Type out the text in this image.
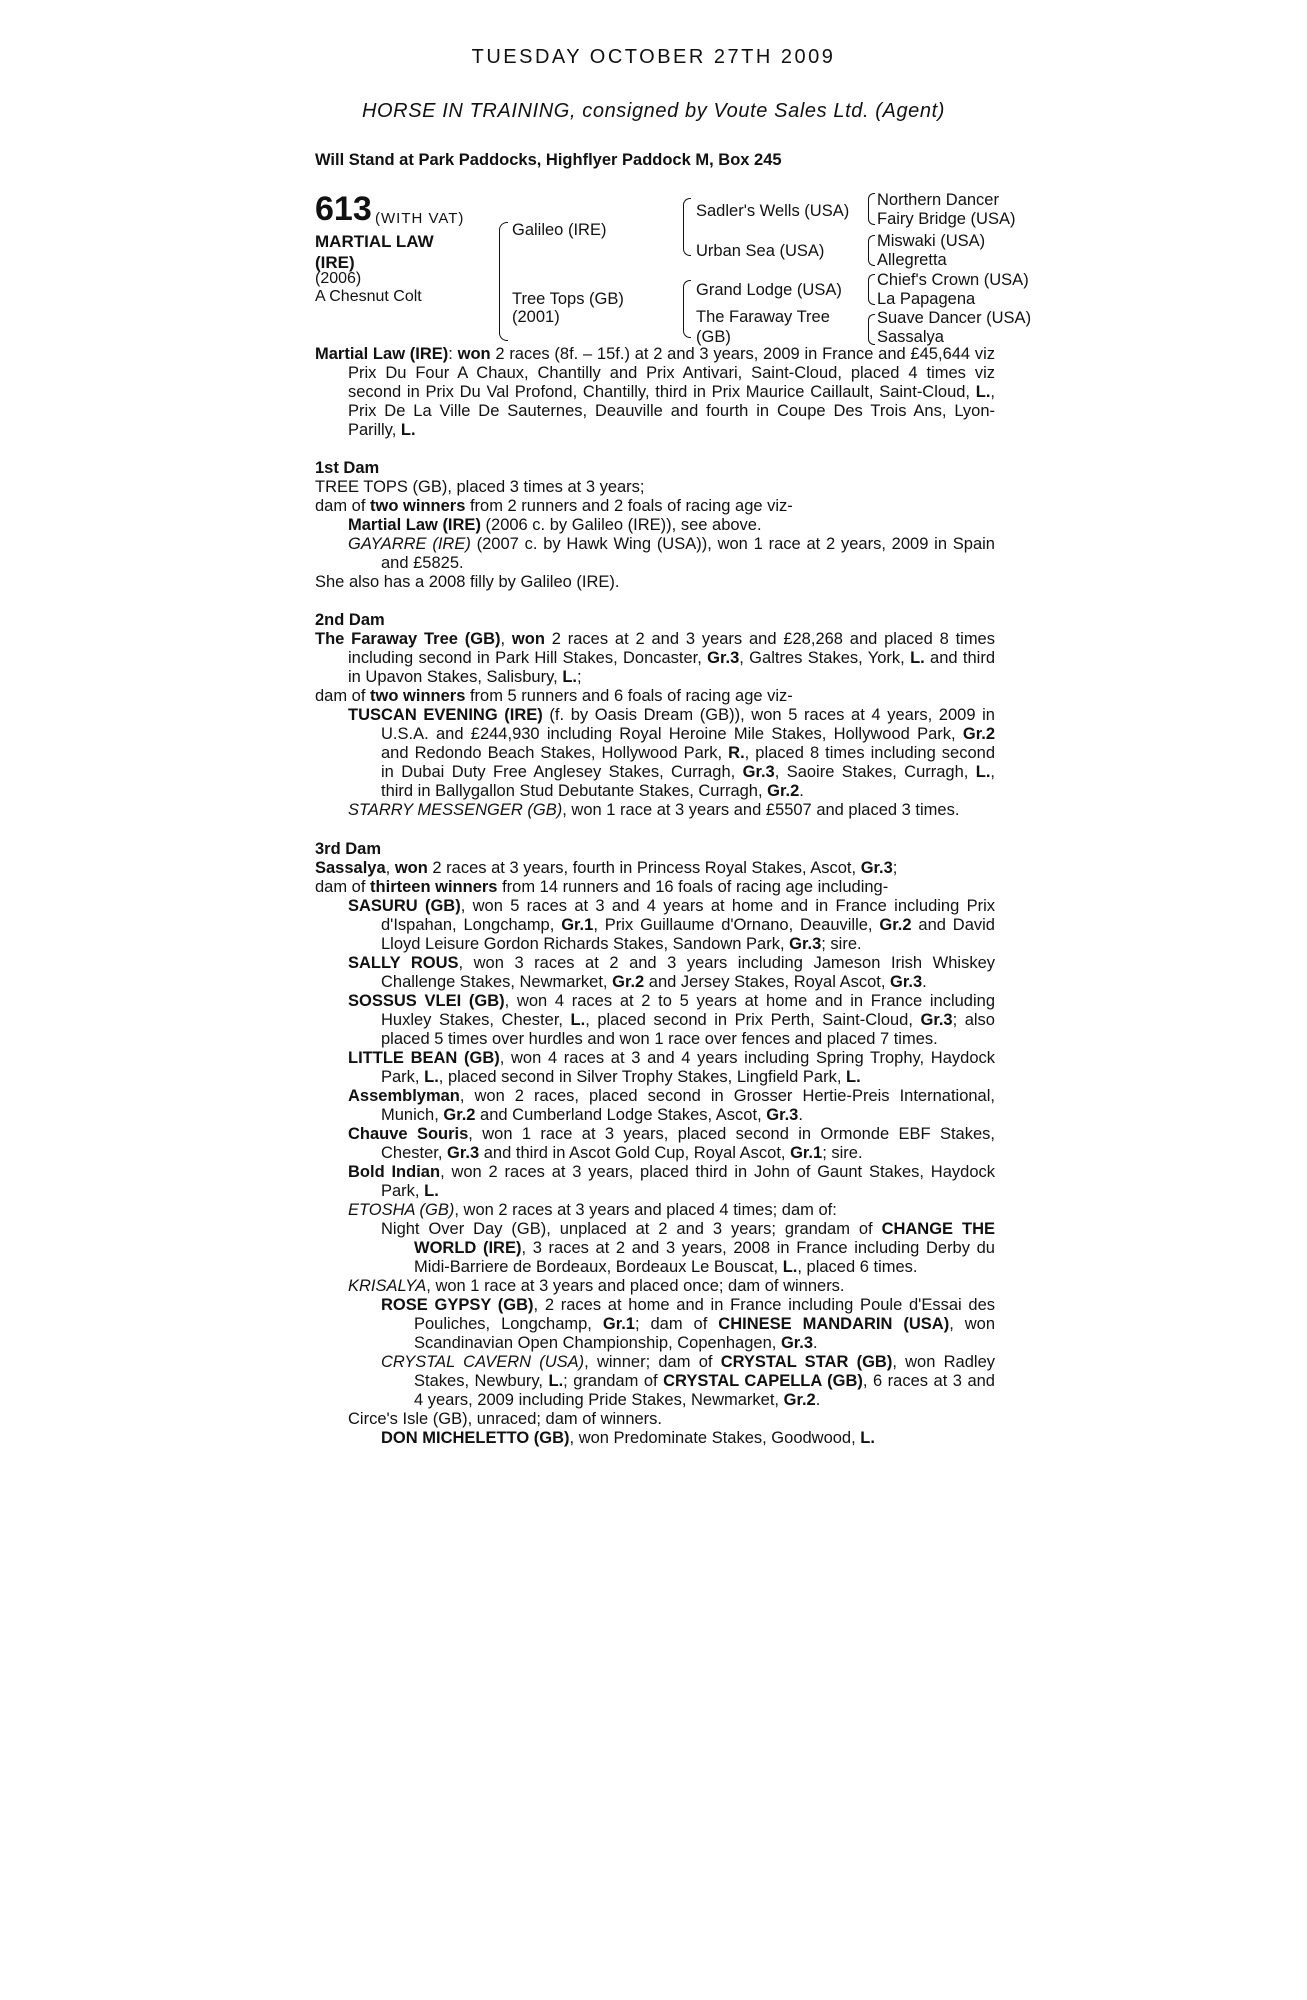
TUESDAY OCTOBER 27TH 2009
HORSE IN TRAINING, consigned by Voute Sales Ltd. (Agent)
Will Stand at Park Paddocks, Highflyer Paddock M, Box 245
613 (WITH VAT)
MARTIAL LAW
(IRE)
(2006)
A Chesnut Colt
Galileo (IRE)
Tree Tops (GB)
(2001)
Sadler's Wells (USA)
Urban Sea (USA)
Grand Lodge (USA)
The Faraway Tree
(GB)
Northern Dancer
Fairy Bridge (USA)
Miswaki (USA)
Allegretta
Chief's Crown (USA)
La Papagena
Suave Dancer (USA)
Sassalya

Martial Law (IRE): won 2 races (8f. – 15f.) at 2 and 3 years, 2009 in France and £45,644 viz Prix Du Four A Chaux, Chantilly and Prix Antivari, Saint-Cloud, placed 4 times viz second in Prix Du Val Profond, Chantilly, third in Prix Maurice Caillault, Saint-Cloud, L., Prix De La Ville De Sauternes, Deauville and fourth in Coupe Des Trois Ans, Lyon-Parilly, L.

1st Dam
TREE TOPS (GB), placed 3 times at 3 years;
dam of two winners from 2 runners and 2 foals of racing age viz-

Martial Law (IRE) (2006 c. by Galileo (IRE)), see above.

GAYARRE (IRE) (2007 c. by Hawk Wing (USA)), won 1 race at 2 years, 2009 in Spain and £5825.

She also has a 2008 filly by Galileo (IRE).
2nd Dam

The Faraway Tree (GB), won 2 races at 2 and 3 years and £28,268 and placed 8 times including second in Park Hill Stakes, Doncaster, Gr.3, Galtres Stakes, York, L. and third in Upavon Stakes, Salisbury, L.;

dam of two winners from 5 runners and 6 foals of racing age viz-

TUSCAN EVENING (IRE) (f. by Oasis Dream (GB)), won 5 races at 4 years, 2009 in U.S.A. and £244,930 including Royal Heroine Mile Stakes, Hollywood Park, Gr.2 and Redondo Beach Stakes, Hollywood Park, R., placed 8 times including second in Dubai Duty Free Anglesey Stakes, Curragh, Gr.3, Saoire Stakes, Curragh, L., third in Ballygallon Stud Debutante Stakes, Curragh, Gr.2.

STARRY MESSENGER (GB), won 1 race at 3 years and £5507 and placed 3 times.

3rd Dam
Sassalya, won 2 races at 3 years, fourth in Princess Royal Stakes, Ascot, Gr.3;
dam of thirteen winners from 14 runners and 16 foals of racing age including-

SASURU (GB), won 5 races at 3 and 4 years at home and in France including Prix d'Ispahan, Longchamp, Gr.1, Prix Guillaume d'Ornano, Deauville, Gr.2 and David Lloyd Leisure Gordon Richards Stakes, Sandown Park, Gr.3; sire.

SALLY ROUS, won 3 races at 2 and 3 years including Jameson Irish Whiskey Challenge Stakes, Newmarket, Gr.2 and Jersey Stakes, Royal Ascot, Gr.3.

SOSSUS VLEI (GB), won 4 races at 2 to 5 years at home and in France including Huxley Stakes, Chester, L., placed second in Prix Perth, Saint-Cloud, Gr.3; also placed 5 times over hurdles and won 1 race over fences and placed 7 times.

LITTLE BEAN (GB), won 4 races at 3 and 4 years including Spring Trophy, Haydock Park, L., placed second in Silver Trophy Stakes, Lingfield Park, L.

Assemblyman, won 2 races, placed second in Grosser Hertie-Preis International, Munich, Gr.2 and Cumberland Lodge Stakes, Ascot, Gr.3.

Chauve Souris, won 1 race at 3 years, placed second in Ormonde EBF Stakes, Chester, Gr.3 and third in Ascot Gold Cup, Royal Ascot, Gr.1; sire.

Bold Indian, won 2 races at 3 years, placed third in John of Gaunt Stakes, Haydock Park, L.

ETOSHA (GB), won 2 races at 3 years and placed 4 times; dam of:

Night Over Day (GB), unplaced at 2 and 3 years; grandam of CHANGE THE WORLD (IRE), 3 races at 2 and 3 years, 2008 in France including Derby du Midi-Barriere de Bordeaux, Bordeaux Le Bouscat, L., placed 6 times.

KRISALYA, won 1 race at 3 years and placed once; dam of winners.

ROSE GYPSY (GB), 2 races at home and in France including Poule d'Essai des Pouliches, Longchamp, Gr.1; dam of CHINESE MANDARIN (USA), won Scandinavian Open Championship, Copenhagen, Gr.3.

CRYSTAL CAVERN (USA), winner; dam of CRYSTAL STAR (GB), won Radley Stakes, Newbury, L.; grandam of CRYSTAL CAPELLA (GB), 6 races at 3 and 4 years, 2009 including Pride Stakes, Newmarket, Gr.2.

Circe's Isle (GB), unraced; dam of winners.

DON MICHELETTO (GB), won Predominate Stakes, Goodwood, L.
